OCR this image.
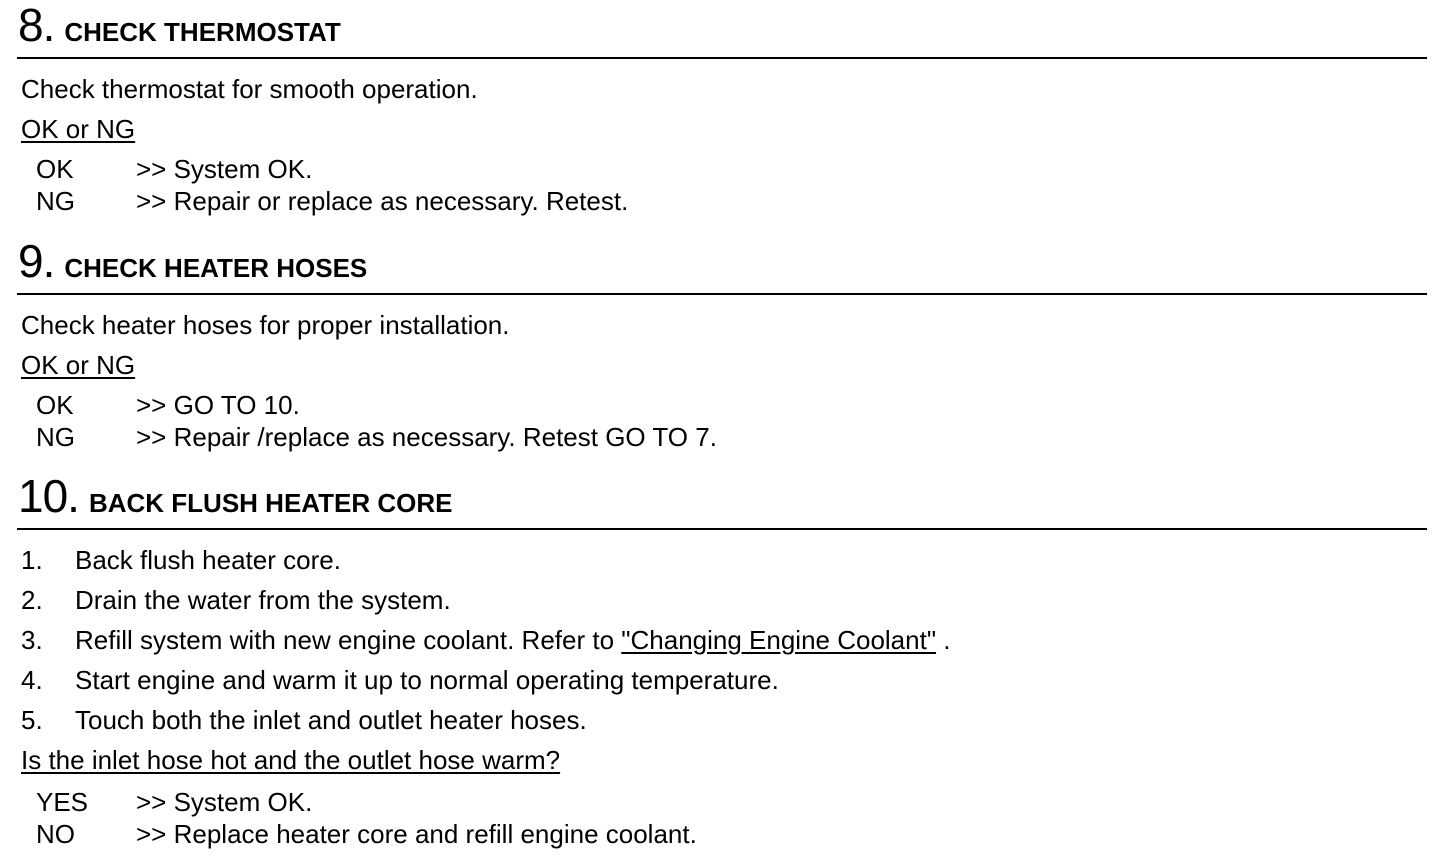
8. CHECK THERMOSTAT
Check thermostat for smooth operation.
OK or NG
OK >> System OK.
NG >> Repair or replace as necessary. Retest.
9. CHECK HEATER HOSES
Check heater hoses for proper installation.
OK or NG
OK >> GO TO 10.
NG >> Repair /replace as necessary. Retest GO TO 7.
10. BACK FLUSH HEATER CORE
1. Back flush heater core.
2. Drain the water from the system.
3. Refill system with new engine coolant. Refer to "Changing Engine Coolant" .
4. Start engine and warm it up to normal operating temperature.
5. Touch both the inlet and outlet heater hoses.
Is the inlet hose hot and the outlet hose warm?
YES >> System OK.
NO >> Replace heater core and refill engine coolant.
